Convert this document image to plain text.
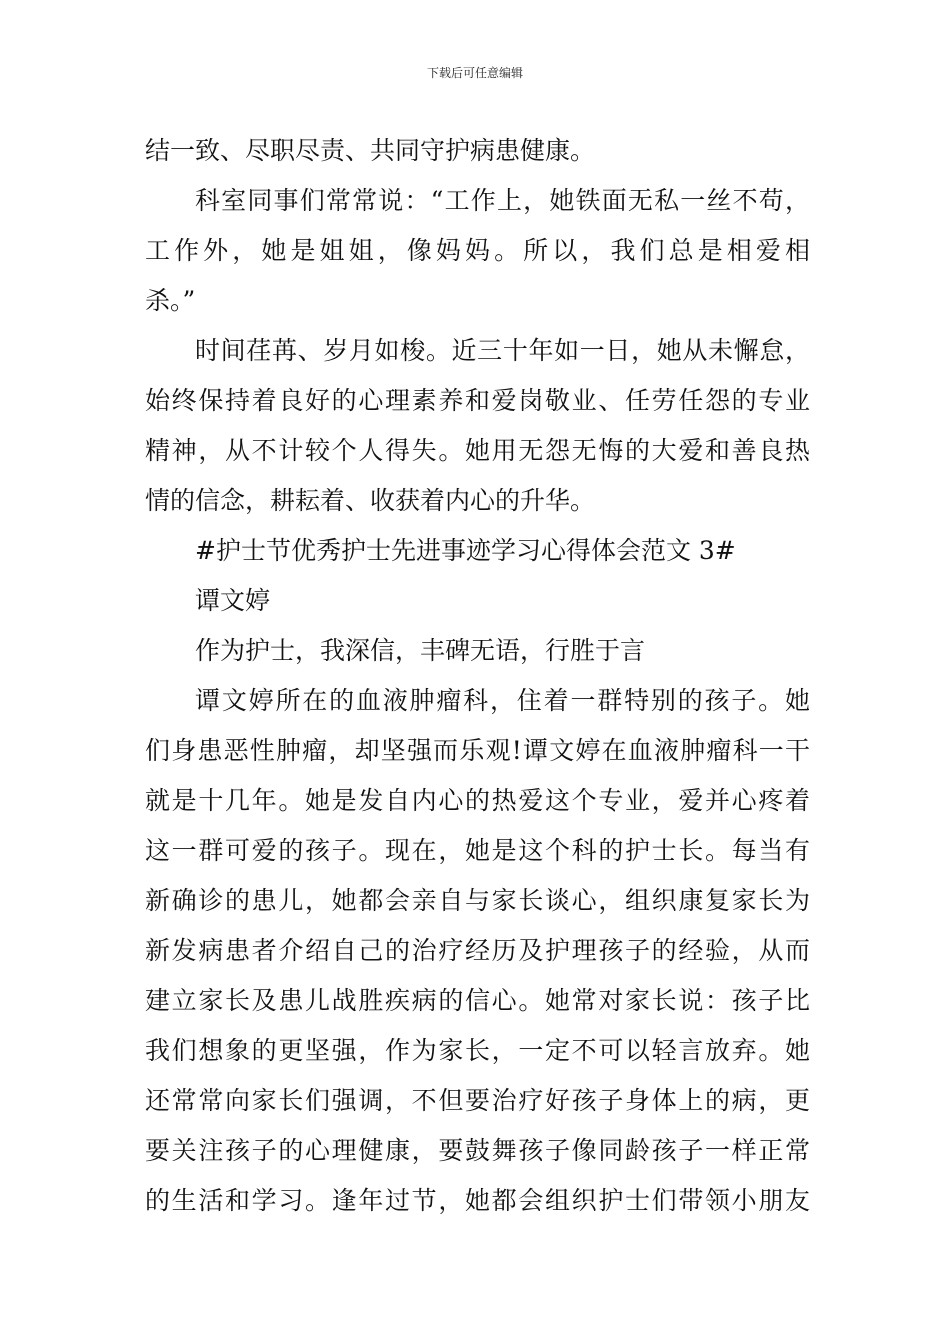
下载后可任意编辑
结一致、尽职尽责、共同守护病患健康。
科室同事们常常说：“工作上，她铁面无私一丝不苟，
工作外，她是姐姐，像妈妈。所以，我们总是相爱相
杀。”
时间荏苒、岁月如梭。近三十年如一日，她从未懈怠，
始终保持着良好的心理素养和爱岗敬业、任劳任怨的专业
精神，从不计较个人得失。她用无怨无悔的大爱和善良热
情的信念，耕耘着、收获着内心的升华。
#护士节优秀护士先进事迹学习心得体会范文 3#
谭文婷
作为护士，我深信，丰碑无语，行胜于言
谭文婷所在的血液肿瘤科，住着一群特别的孩子。她
们身患恶性肿瘤，却坚强而乐观!谭文婷在血液肿瘤科一干
就是十几年。她是发自内心的热爱这个专业，爱并心疼着
这一群可爱的孩子。现在，她是这个科的护士长。每当有
新确诊的患儿，她都会亲自与家长谈心，组织康复家长为
新发病患者介绍自己的治疗经历及护理孩子的经验，从而
建立家长及患儿战胜疾病的信心。她常对家长说：孩子比
我们想象的更坚强，作为家长，一定不可以轻言放弃。她
还常常向家长们强调，不但要治疗好孩子身体上的病，更
要关注孩子的心理健康，要鼓舞孩子像同龄孩子一样正常
的生活和学习。逢年过节，她都会组织护士们带领小朋友
